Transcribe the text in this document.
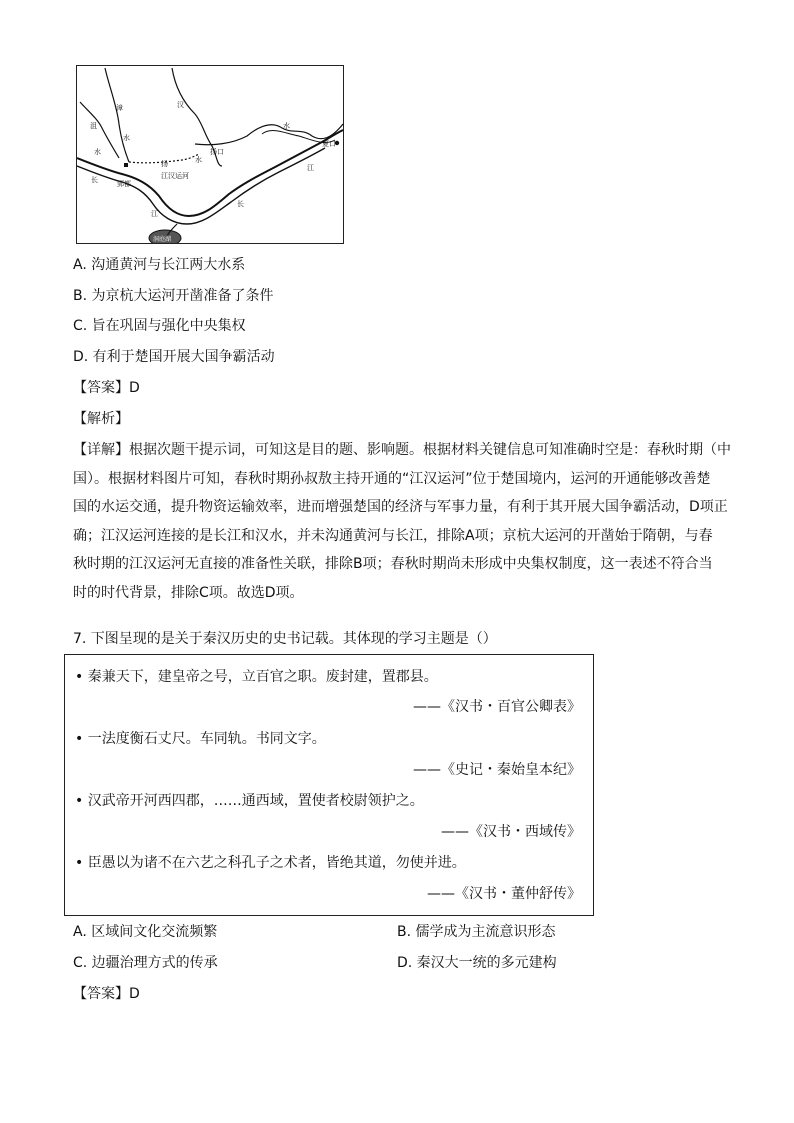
沮
漳
水
水
汉
水
扬口
夏口
江
扬	水
江汉运河
长	郢都
江
长
洞庭湖
A. 沟通黄河与长江两大水系
B. 为京杭大运河开凿准备了条件
C. 旨在巩固与强化中央集权
D. 有利于楚国开展大国争霸活动
【答案】D
【解析】
【详解】根据次题干提示词，可知这是目的题、影响题。根据材料关键信息可知准确时空是：春秋时期（中
国）。根据材料图片可知，春秋时期孙叔敖主持开通的“江汉运河”位于楚国境内，运河的开通能够改善楚
国的水运交通，提升物资运输效率，进而增强楚国的经济与军事力量，有利于其开展大国争霸活动，D项正
确；江汉运河连接的是长江和汉水，并未沟通黄河与长江，排除A项；京杭大运河的开凿始于隋朝，与春
秋时期的江汉运河无直接的准备性关联，排除B项；春秋时期尚未形成中央集权制度，这一表述不符合当
时的时代背景，排除C项。故选D项。
7. 下图呈现的是关于秦汉历史的史书记载。其体现的学习主题是（）
• 秦兼天下，建皇帝之号，立百官之职。废封建，置郡县。
——《汉书・百官公卿表》
• 一法度衡石丈尺。车同轨。书同文字。
——《史记・秦始皇本纪》
• 汉武帝开河西四郡，……通西域，置使者校尉领护之。
——《汉书・西域传》
• 臣愚以为诸不在六艺之科孔子之术者，皆绝其道，勿使并进。
——《汉书・董仲舒传》
A. 区域间文化交流频繁	B. 儒学成为主流意识形态
C. 边疆治理方式的传承	D. 秦汉大一统的多元建构
【答案】D
